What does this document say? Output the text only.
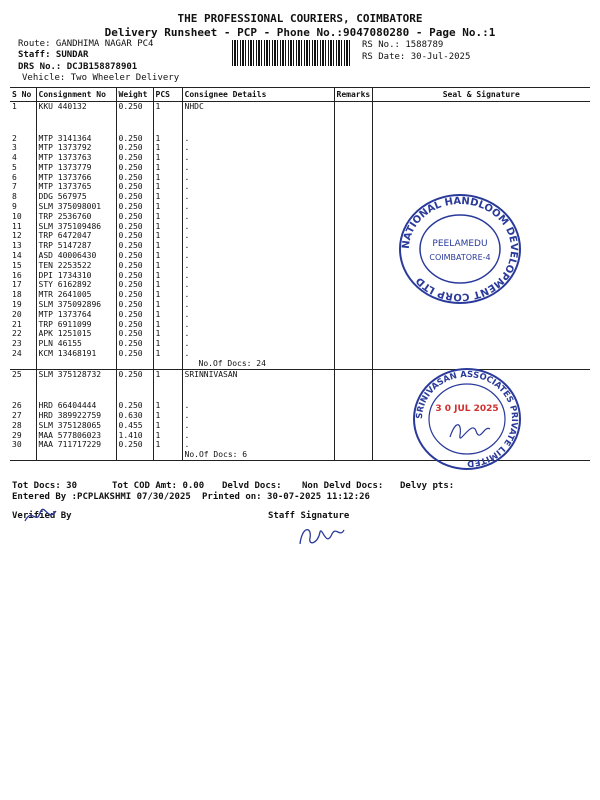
THE PROFESSIONAL COURIERS, COIMBATORE
Delivery Runsheet - PCP - Phone No.:9047080280 - Page No.:1
Route: GANDHIMA NAGAR PC4
Staff: SUNDAR
DRS No.: DCJB158878901
Vehicle: Two Wheeler Delivery
RS No.: 1588789
RS Date: 30-Jul-2025
S No	Consignment No	Weight	PCS	Consignee Details	Remarks	Seal & Signature
1	KKU 440132	0.250	1	NHDC		
2	MTP 3141364	0.250	1	.		
3	MTP 1373792	0.250	1	.		
4	MTP 1373763	0.250	1	.		
5	MTP 1373779	0.250	1	.		
6	MTP 1373766	0.250	1	.		
7	MTP 1373765	0.250	1	.		
8	DDG 567975	0.250	1	.		
9	SLM 375098001	0.250	1	.		
10	TRP 2536760	0.250	1	.		
11	SLM 375109486	0.250	1	.		
12	TRP 6472047	0.250	1	.		
13	TRP 5147287	0.250	1	.		
14	ASD 40006430	0.250	1	.		
15	TEN 2253522	0.250	1	.		
16	DPI 1734310	0.250	1	.		
17	STY 6162892	0.250	1	.		
18	MTR 2641005	0.250	1	.		
19	SLM 375092896	0.250	1	.		
20	MTP 1373764	0.250	1	.		
21	TRP 6911099	0.250	1	.		
22	APK 1251015	0.250	1	.		
23	PLN 46155	0.250	1	.		
24	KCM 13468191	0.250	1	.		
				No.Of Docs: 24		
25	SLM 375128732	0.250	1	SRINNIVASAN		
26	HRD 66404444	0.250	1	.		
27	HRD 389922759	0.630	1	.		
28	SLM 375128065	0.455	1	.		
29	MAA 577806023	1.410	1	.		
30	MAA 711717229	0.250	1	.		
				No.Of Docs: 6		
NATIONAL HANDLOOM DEVELOPMENT CORP LTD
PEELAMEDU
COIMBATORE-4
SRINIVASAN ASSOCIATES PRIVATE LIMITED
3 0 JUL 2025
Tot Docs: 30	Tot COD Amt: 0.00 Delvd Docs: Non Delvd Docs: Delvy pts:
Entered By :PCPLAKSHMI 07/30/2025 Printed on: 30-07-2025 11:12:26
Verified By	Staff Signature
